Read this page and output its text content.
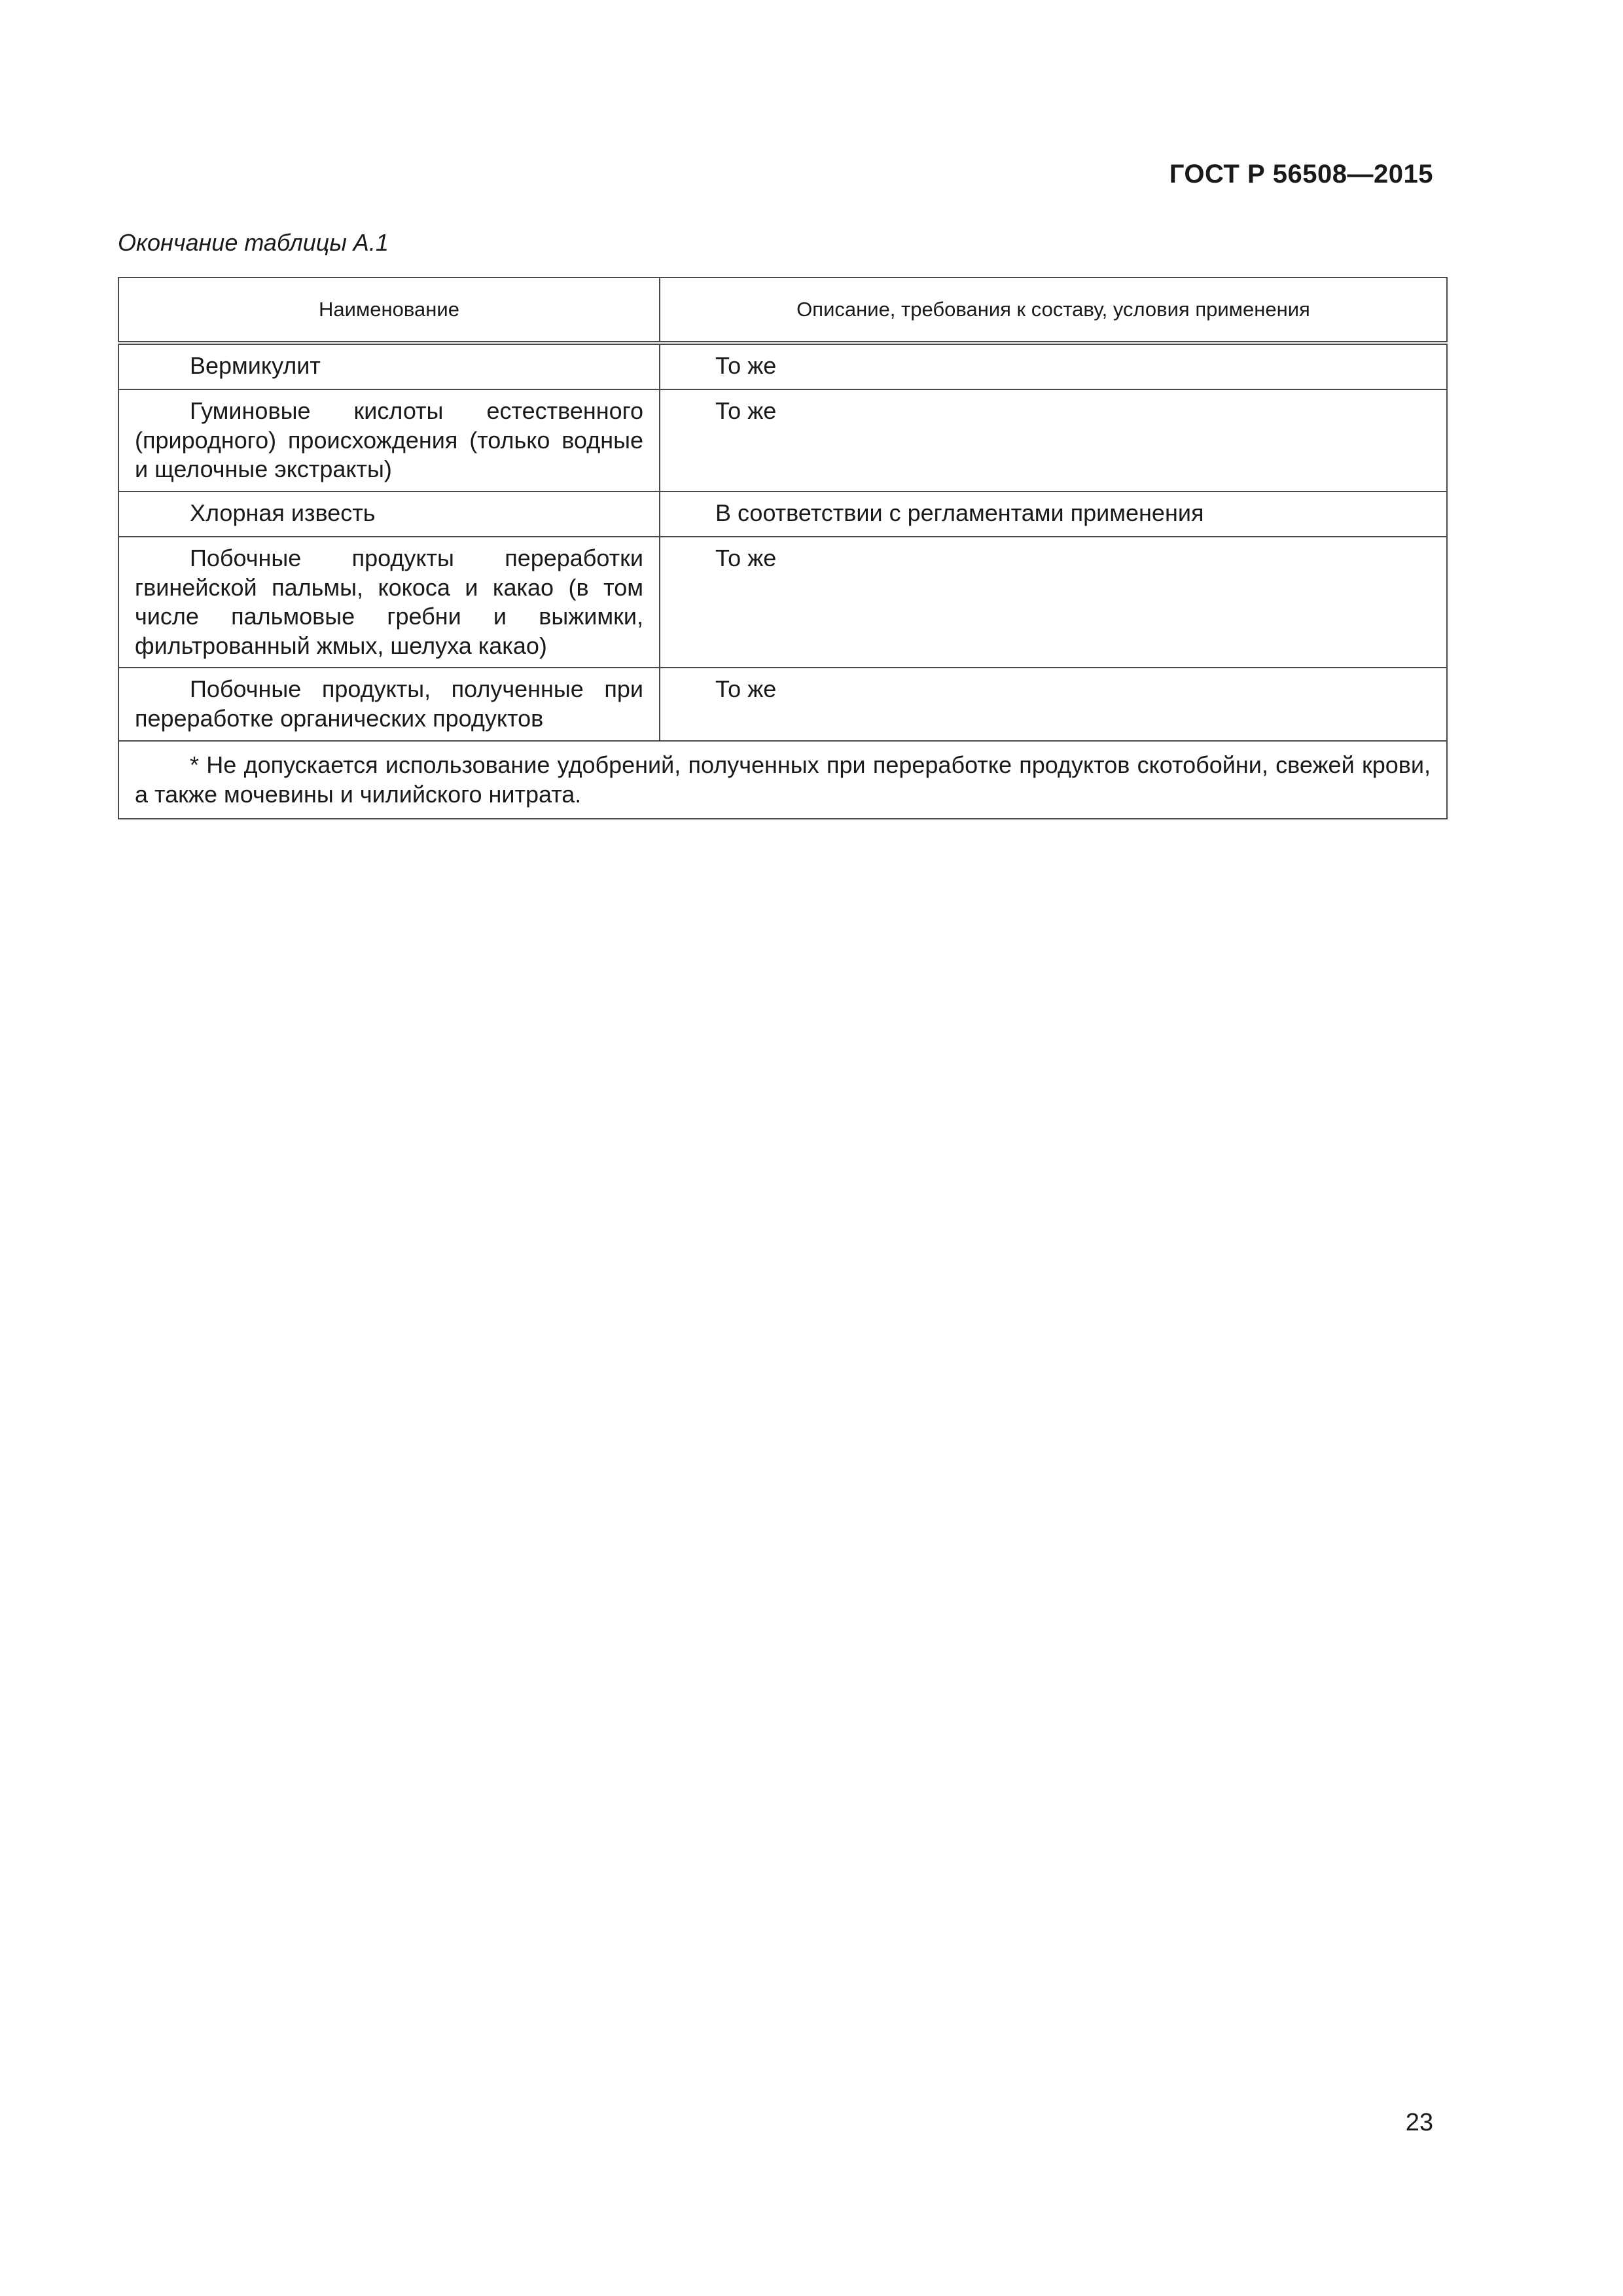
ГОСТ Р 56508—2015
Окончание таблицы А.1
Наименование	Описание, требования к составу, условия применения
Вермикулит	То же
Гуминовые кислоты естественного (природного) происхождения (только водные и щелочные экстракты)	То же
Хлорная известь	В соответствии с регламентами применения
Побочные продукты переработки гвинейской пальмы, кокоса и какао (в том числе пальмовые гребни и выжимки, фильтрованный жмых, шелуха какао)	То же
Побочные продукты, полученные при переработке органических продуктов	То же
* Не допускается использование удобрений, полученных при переработке продуктов скотобойни, свежей крови, а также мочевины и чилийского нитрата.	
23
